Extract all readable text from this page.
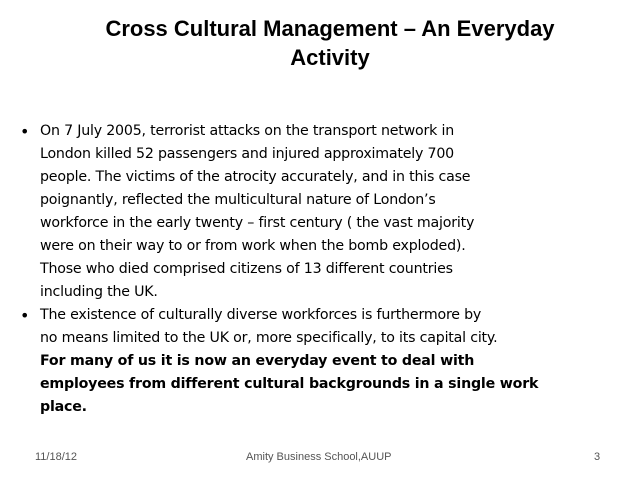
Cross Cultural Management – An Everyday
Activity
• On 7 July 2005, terrorist attacks on the transport network in
London killed 52 passengers and injured approximately 700
people. The victims of the atrocity accurately, and in this case
poignantly, reflected the multicultural nature of London’s
workforce in the early twenty – first century ( the vast majority
were on their way to or from work when the bomb exploded).
Those who died comprised citizens of 13 different countries
including the UK.
• The existence of culturally diverse workforces is furthermore by
no means limited to the UK or, more specifically, to its capital city.
For many of us it is now an everyday event to deal with
employees from different cultural backgrounds in a single work
place.
11/18/12	Amity Business School,AUUP	3
